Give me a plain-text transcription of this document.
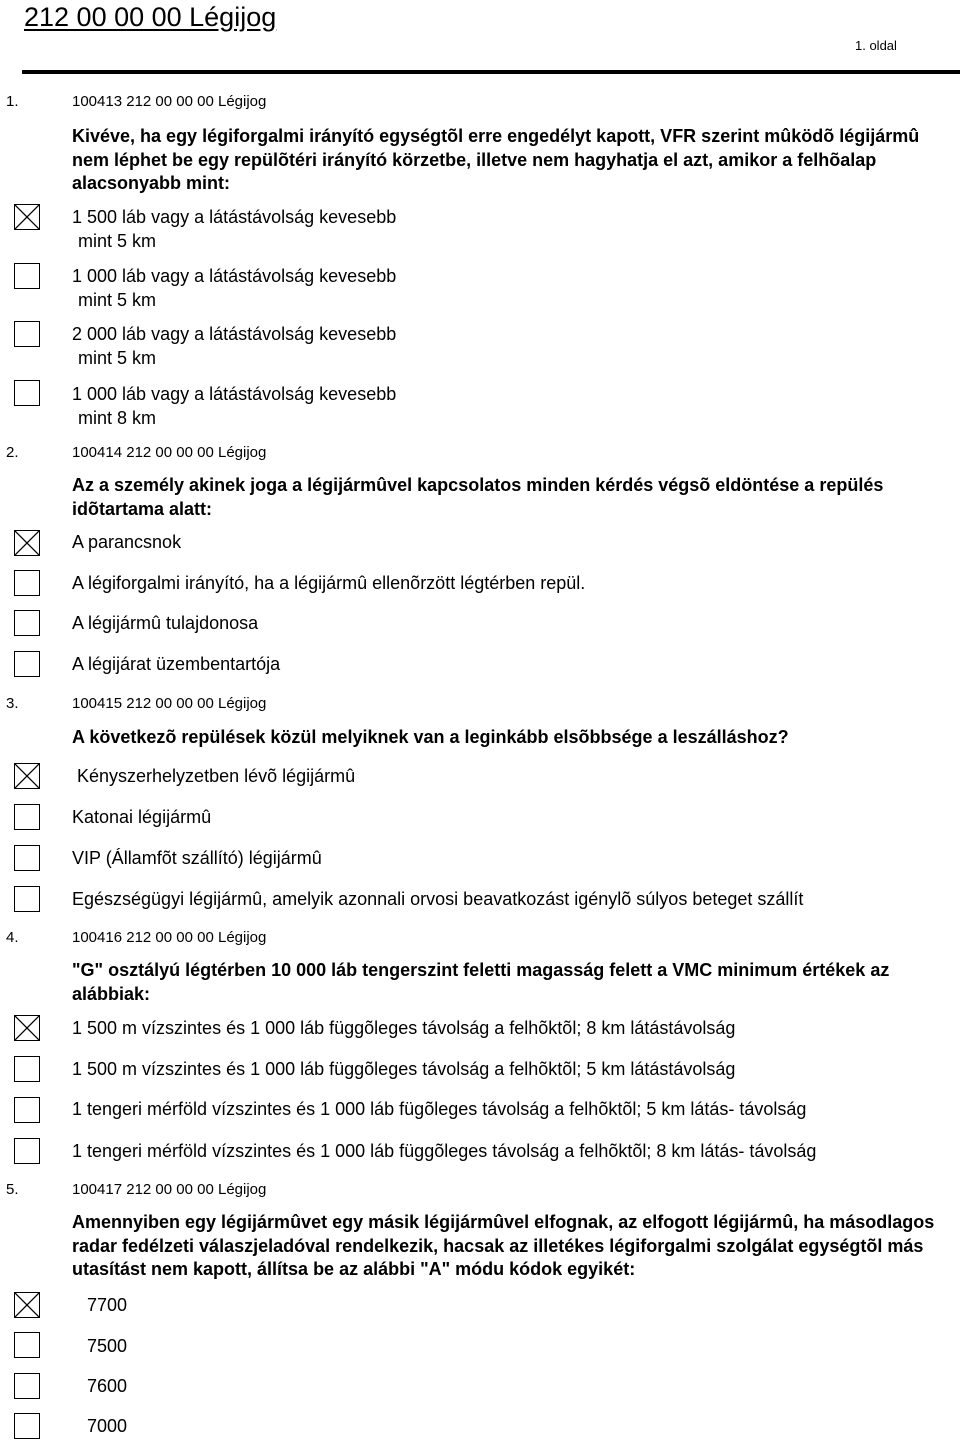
212 00 00 00 Légijog
1. oldal
1.	100413 212 00 00 00 Légijog
Kivéve, ha egy légiforgalmi irányító egységtõl erre engedélyt kapott, VFR szerint mûködõ légijármû nem léphet be egy repülõtéri irányító körzetbe, illetve nem hagyhatja el azt, amikor a felhõalap alacsonyabb mint:
1 500 láb vagy a látástávolság kevesebb
mint 5 km
1 000 láb vagy a látástávolság kevesebb
mint 5 km
2 000 láb vagy a látástávolság kevesebb
mint 5 km
1 000 láb vagy a látástávolság kevesebb
mint 8 km
2.	100414 212 00 00 00 Légijog
Az a személy akinek joga a légijármûvel kapcsolatos minden kérdés végsõ eldöntése a repülés idõtartama alatt:
A parancsnok
A légiforgalmi irányító, ha a légijármû ellenõrzött légtérben repül.
A légijármû tulajdonosa
A légijárat üzembentartója
3.	100415 212 00 00 00 Légijog
A következõ repülések közül melyiknek van a leginkább elsõbbsége a leszálláshoz?
Kényszerhelyzetben lévõ légijármû
Katonai légijármû
VIP (Államfõt szállító) légijármû
Egészségügyi légijármû, amelyik azonnali orvosi beavatkozást igénylõ súlyos beteget szállít
4.	100416 212 00 00 00 Légijog
"G" osztályú légtérben 10 000 láb tengerszint feletti magasság felett a VMC minimum értékek az alábbiak:
1 500 m vízszintes és 1 000 láb függõleges távolság a felhõktõl; 8 km látástávolság
1 500 m vízszintes és 1 000 láb függõleges távolság a felhõktõl; 5 km látástávolság
1 tengeri mérföld vízszintes és 1 000 láb fügõleges távolság a felhõktõl; 5 km látás- távolság
1 tengeri mérföld vízszintes és 1 000 láb függõleges távolság a felhõktõl; 8 km látás- távolság
5.	100417 212 00 00 00 Légijog
Amennyiben egy légijármûvet egy másik légijármûvel elfognak, az elfogott légijármû, ha másodlagos radar fedélzeti válaszjeladóval rendelkezik, hacsak az illetékes légiforgalmi szolgálat egységtõl más utasítást nem kapott, állítsa be az alábbi "A" módu kódok egyikét:
7700
7500
7600
7000
